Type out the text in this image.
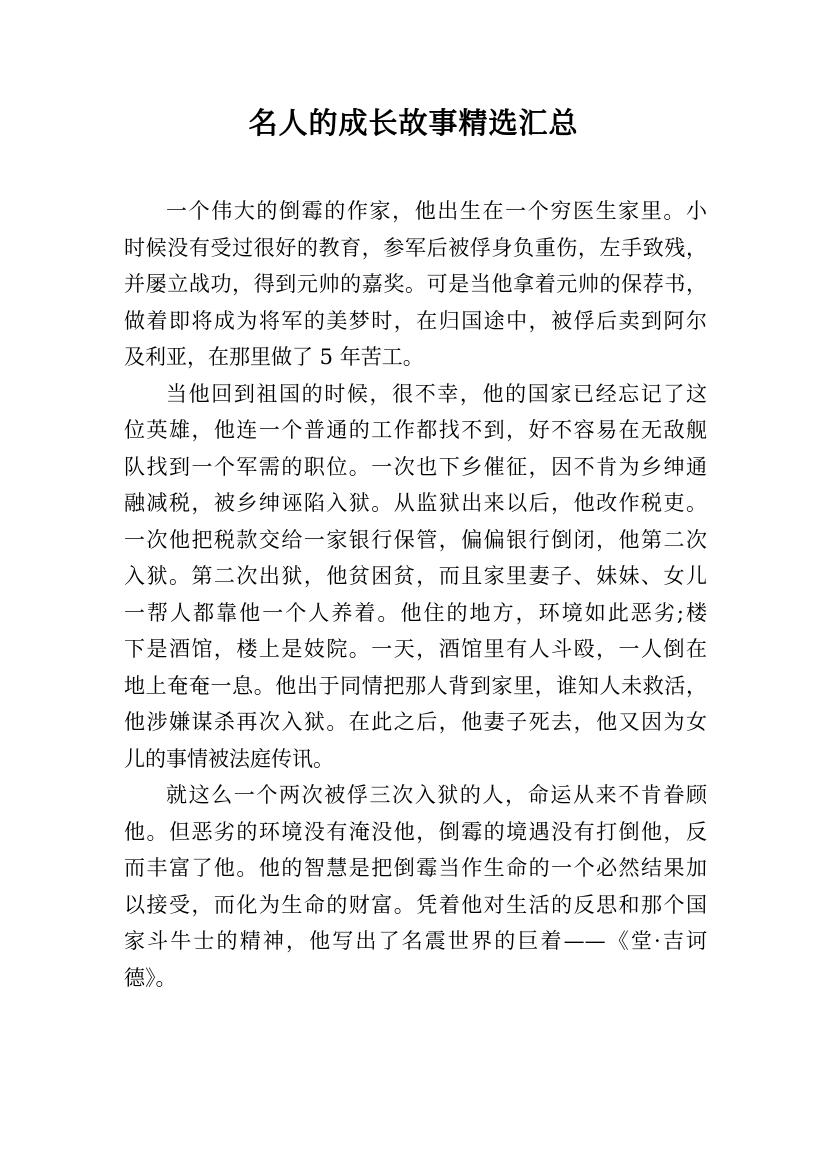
名人的成长故事精选汇总

一个伟大的倒霉的作家，他出生在一个穷医生家里。小
时候没有受过很好的教育，参军后被俘身负重伤，左手致残，
并屡立战功，得到元帅的嘉奖。可是当他拿着元帅的保荐书，
做着即将成为将军的美梦时，在归国途中，被俘后卖到阿尔
及利亚，在那里做了 5 年苦工。

当他回到祖国的时候，很不幸，他的国家已经忘记了这
位英雄，他连一个普通的工作都找不到，好不容易在无敌舰
队找到一个军需的职位。一次也下乡催征，因不肯为乡绅通
融减税，被乡绅诬陷入狱。从监狱出来以后，他改作税吏。
一次他把税款交给一家银行保管，偏偏银行倒闭，他第二次
入狱。第二次出狱，他贫困贫，而且家里妻子、妹妹、女儿
一帮人都靠他一个人养着。他住的地方，环境如此恶劣;楼
下是酒馆，楼上是妓院。一天，酒馆里有人斗殴，一人倒在
地上奄奄一息。他出于同情把那人背到家里，谁知人未救活，
他涉嫌谋杀再次入狱。在此之后，他妻子死去，他又因为女
儿的事情被法庭传讯。

就这么一个两次被俘三次入狱的人，命运从来不肯眷顾
他。但恶劣的环境没有淹没他，倒霉的境遇没有打倒他，反
而丰富了他。他的智慧是把倒霉当作生命的一个必然结果加
以接受，而化为生命的财富。凭着他对生活的反思和那个国
家斗牛士的精神，他写出了名震世界的巨着——《堂·吉诃
德》。
